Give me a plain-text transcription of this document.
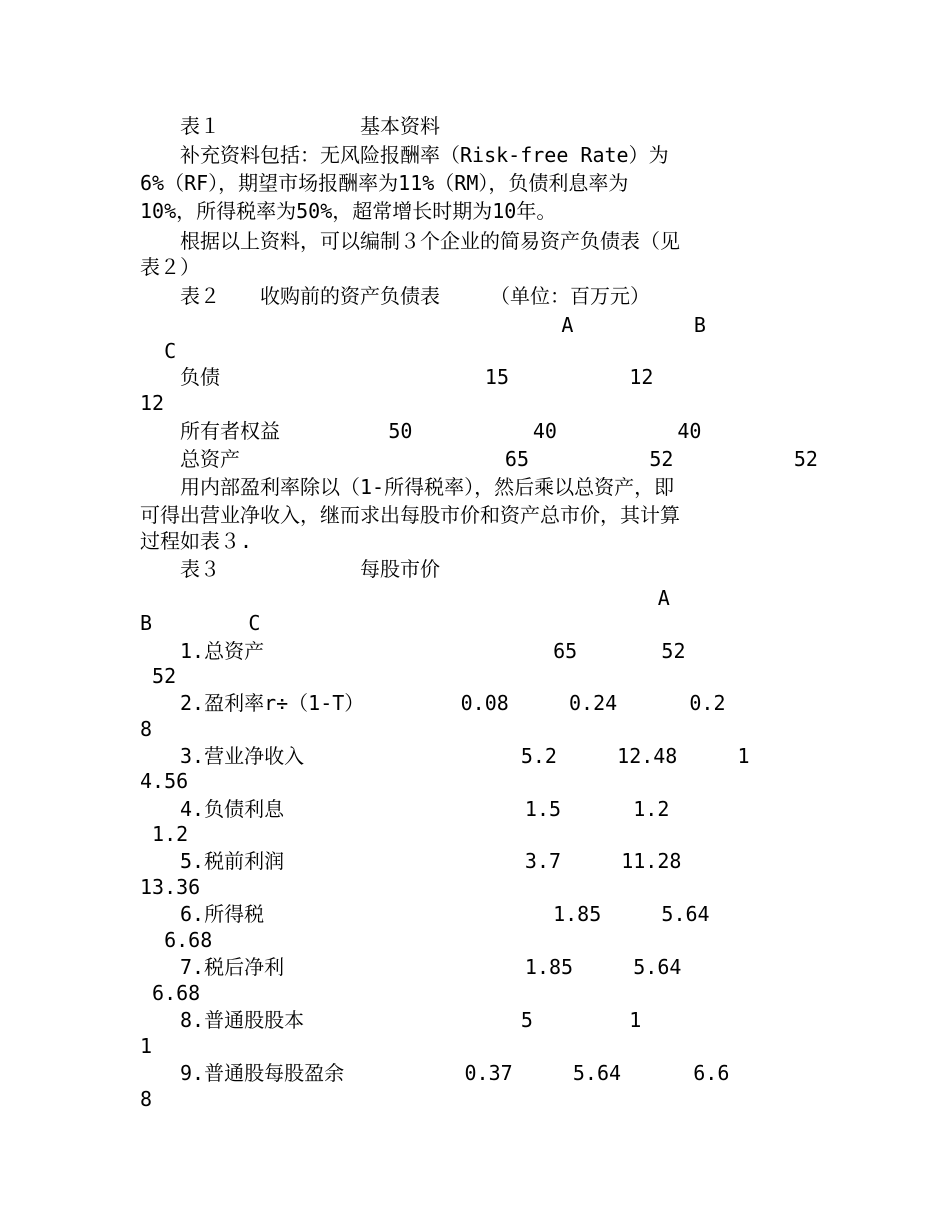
　　表１　　　　　　　基本资料
　　补充资料包括：无风险报酬率（Risk-free Rate）为
6%（RF），期望市场报酬率为11%（RM），负债利息率为
10%，所得税率为50%，超常增长时期为10年。
　　根据以上资料，可以编制３个企业的简易资产负债表（见
表２）
　　表２　　收购前的资产负债表　　　（单位：百万元）
A          B
C
　　负债                      15          12
12
　　所有者权益         50          40          40
　　总资产                      65          52          52
　　用内部盈利率除以（1-所得税率），然后乘以总资产，即
可得出营业净收入，继而求出每股市价和资产总市价，其计算
过程如表３.
　　表３　　　　　　　每股市价
A
B        C
　　1.总资产                        65       52
52
　　2.盈利率r÷（1-T）        0.08     0.24      0.2
8
　　3.营业净收入                  5.2     12.48     1
4.56
　　4.负债利息                    1.5      1.2
1.2
　　5.税前利润                    3.7     11.28
13.36
　　6.所得税                        1.85     5.64
6.68
　　7.税后净利                    1.85     5.64
6.68
　　8.普通股股本                  5        1
1
　　9.普通股每股盈余          0.37     5.64      6.6
8
